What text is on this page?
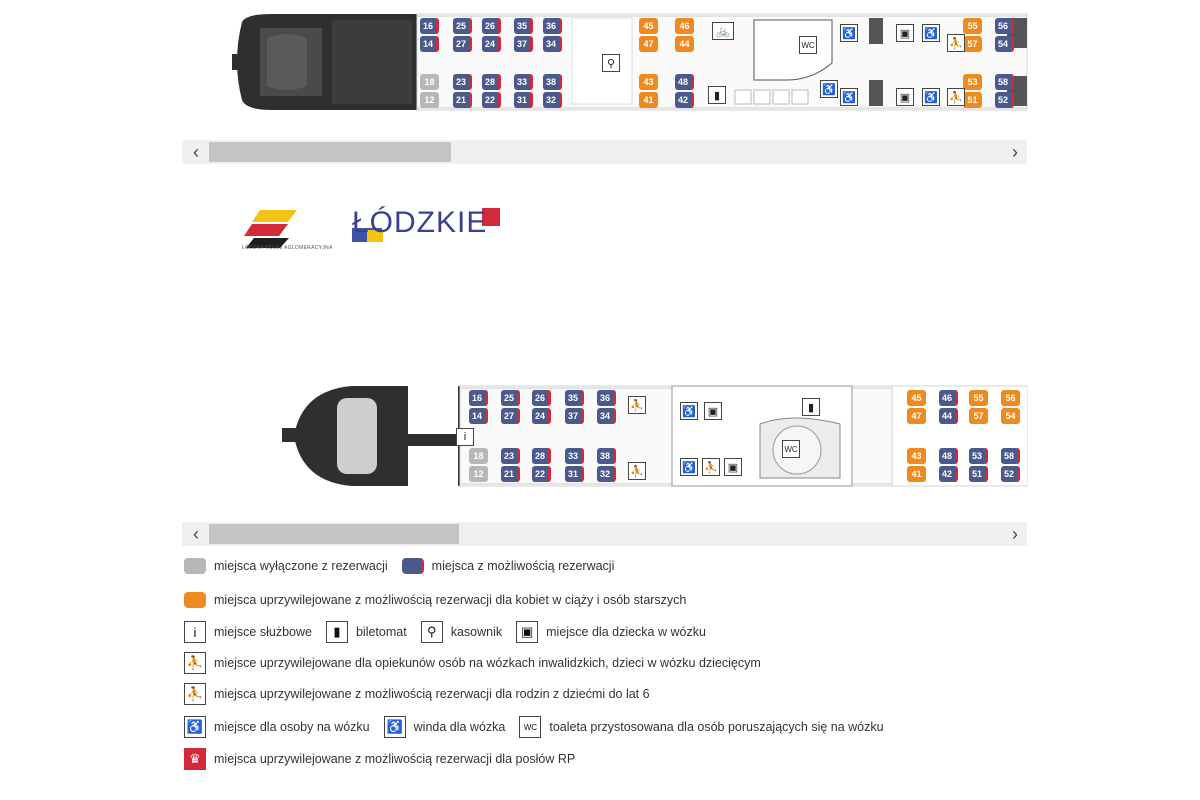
16	25	26	35	36	45	46	55	56
14	27	24	37	34	47	44	57	54
18	23	28	33	38	43	48	53	58
12	21	22	31	32	41	42	51	52
🚲
⚲
▮
WC
♿
♿
♿
▣	♿
⛹
▣	♿ ⛹
‹	›
ŁÓDZKA KOLEJ AGLOMERACYJNA
ŁÓDZKIE
16	25	26	35	36	45	46	55	56
14	27	24	37	34	47	44	57	54
18	23	28	33	38	43	48	53	58
12	21	22	31	32	41	42	51	52
i
⛹
⛹
♿	▣	▮
♿ ⛹ ▣
WC
‹	›
miejsca wyłączone z rezerwacji	miejsca z możliwością rezerwacji
miejsca uprzywilejowane z możliwością rezerwacji dla kobiet w ciąży i osób starszych
i	miejsce służbowe	▮	biletomat	⚲	kasownik	▣	miejsce dla dziecka w wózku
⛹ miejsce uprzywilejowane dla opiekunów osób na wózkach inwalidzkich, dzieci w wózku dziecięcym
⛹ miejsca uprzywilejowane z możliwością rezerwacji dla rodzin z dziećmi do lat 6
♿ miejsce dla osoby na wózku ♿ winda dla wózka	WC toaleta przystosowana dla osób poruszających się na wózku
♛	miejsca uprzywilejowane z możliwością rezerwacji dla posłów RP
